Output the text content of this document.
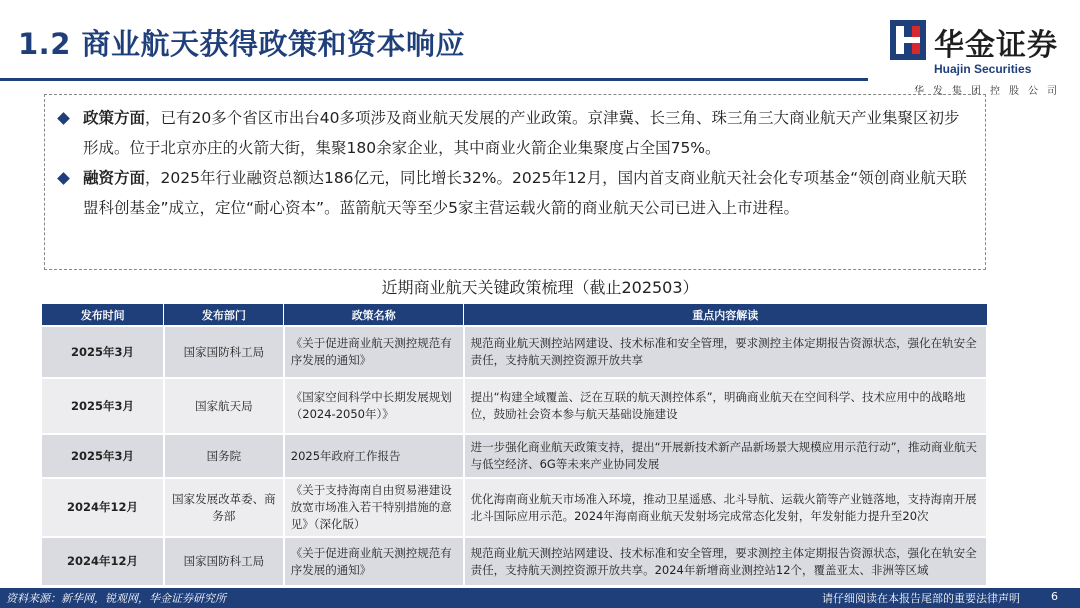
1.2 商业航天获得政策和资本响应	华金证券
Huajin Securities
华发集团控股公司
政策方面，已有20多个省区市出台40多项涉及商业航天发展的产业政策。京津冀、长三角、珠三角三大商业航天产业集聚区初步形成。位于北京亦庄的火箭大街，集聚180余家企业，其中商业火箭企业集聚度占全国75%。
融资方面，2025年行业融资总额达186亿元，同比增长32%。2025年12月，国内首支商业航天社会化专项基金“领创商业航天联盟科创基金”成立，定位“耐心资本”。蓝箭航天等至少5家主营运载火箭的商业航天公司已进入上市进程。
近期商业航天关键政策梳理（截止202503）
发布时间	发布部门	政策名称	重点内容解读
2025年3月	国家国防科工局	《关于促进商业航天测控规范有序发展的通知》	规范商业航天测控站网建设、技术标准和安全管理，要求测控主体定期报告资源状态，强化在轨安全责任，支持航天测控资源开放共享
2025年3月	国家航天局	《国家空间科学中长期发展规划（2024-2050年）》	提出“构建全域覆盖、泛在互联的航天测控体系”，明确商业航天在空间科学、技术应用中的战略地位，鼓励社会资本参与航天基础设施建设
2025年3月	国务院	2025年政府工作报告	进一步强化商业航天政策支持，提出“开展新技术新产品新场景大规模应用示范行动”，推动商业航天与低空经济、6G等未来产业协同发展
2024年12月	国家发展改革委、商务部	《关于支持海南自由贸易港建设放宽市场准入若干特别措施的意见》（深化版）	优化海南商业航天市场准入环境，推动卫星遥感、北斗导航、运载火箭等产业链落地，支持海南开展北斗国际应用示范。2024年海南商业航天发射场完成常态化发射，年发射能力提升至20次
2024年12月	国家国防科工局	《关于促进商业航天测控规范有序发展的通知》	规范商业航天测控站网建设、技术标准和安全管理，要求测控主体定期报告资源状态，强化在轨安全责任，支持航天测控资源开放共享。2024年新增商业测控站12个，覆盖亚太、非洲等区域
资料来源：新华网，锐观网，华金证券研究所	请仔细阅读在本报告尾部的重要法律声明	6
